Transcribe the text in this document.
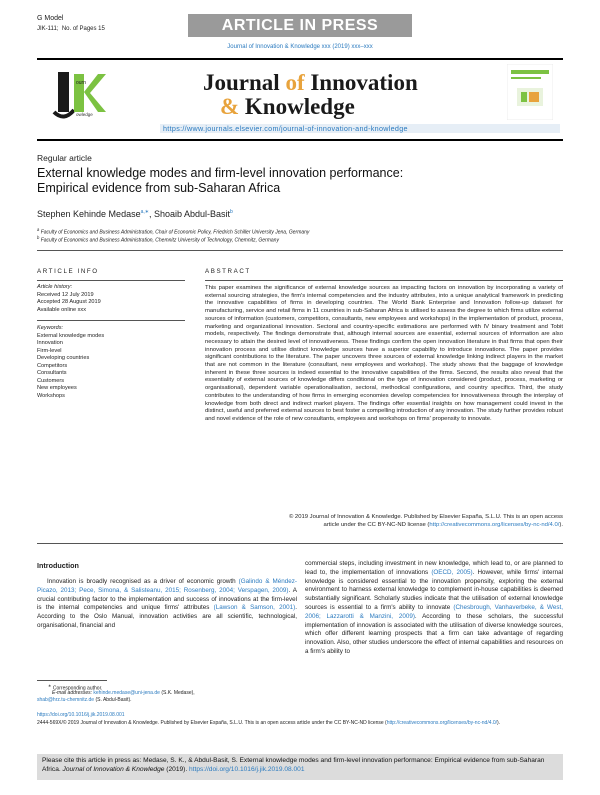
G Model
JIK-111; No. of Pages 15	ARTICLE IN PRESS
Journal of Innovation & Knowledge xxx (2019) xxx–xxx
ourn
owledge
Journal of Innovation
& Knowledge
https://www.journals.elsevier.com/journal-of-innovation-and-knowledge
Regular article
External knowledge modes and firm-level innovation performance:
Empirical evidence from sub-Saharan Africa
Stephen Kehinde Medase$^{a,∗}$, Shoaib Abdul-Basit$^b$
$^a$ Faculty of Economics and Business Administration, Chair of Economic Policy, Friedrich Schiller University Jena, Germany
$^b$ Faculty of Economics and Business Administration, Chemnitz University of Technology, Chemnitz, Germany
ARTICLE INFO
Article history:
Received 12 July 2019
Accepted 28 August 2019
Available online xxx
Keywords:
External knowledge modes
Innovation
Firm-level
Developing countries
Competitors
Consultants
Customers
New employees
Workshops
ABSTRACT
This paper examines the significance of external knowledge sources as impacting factors on innovation by incorporating a variety of external sourcing strategies, the firm's internal competencies and the industry attributes, into a unique analytical framework in predicting the innovative capabilities of firms in developing countries. The World Bank Enterprise and Innovation follow-up dataset for manufacturing, service and retail firms in 11 countries in sub-Saharan Africa is utilised to assess the degree to which firms utilize external sources of information (customers, competitors, consultants, new employees and workshops) in the implementation of product, process, marketing and organizational innovation. Sectoral and country-specific estimations are performed with IV binary treatment and Tobit models, respectively. The findings demonstrate that, although internal sources are essential, external sources of information are also necessary to attain the desired level of innovativeness. These findings confirm the open innovation literature in that firms that open their innovation process and utilise distinct knowledge sources have a superior capability to introduce innovations. The paper provides significant contributions to the literature. The paper uncovers three sources of external knowledge linking indirect players in the market that are not common in the literature (consultant, new employees and workshop). The study shows that the baggage of knowledge inherent in these three sources is indeed essential to the innovative capabilities of the firms. Second, the results also reveal that the essentiality of external sources of knowledge differs conditional on the type of innovation considered (product, process, marketing or organisational), dependent variable operationalisation, sectoral, methodical configurations, and country specifics. Third, the study contributes to the understanding of how firms in emerging economies develop competencies for innovativeness through the interplay of knowledge from both direct and indirect market players. The findings offer essential insights on how management could invest in the distinct, useful and preferred external sources to best foster a compelling introduction of any innovation. The study further provides robust and novel evidence of the role of new consultants, employees and workshops on firms' propensity to innovate.
© 2019 Journal of Innovation & Knowledge. Published by Elsevier España, S.L.U. This is an open access
article under the CC BY-NC-ND license (http://creativecommons.org/licenses/by-nc-nd/4.0/).
Introduction
Innovation is broadly recognised as a driver of economic growth (Galindo & Méndez-Picazo, 2013; Pece, Simona, & Salisteanu, 2015; Rosenberg, 2004; Verspagen, 2009). A crucial contributing factor to the implementation and success of innovations at the firm-level is the internal competencies and unique firms' attributes (Lawson & Samson, 2001). According to the Oslo Manual, innovation activities are all scientific, technological, organisational, financial and
commercial steps, including investment in new knowledge, which lead to, or are planned to lead to, the implementation of innovations (OECD, 2005). However, while firms' internal knowledge is considered essential to the innovation propensity, exploring the external environment to harness external knowledge to complement in-house capabilities is deemed substantially significant. Scholarly studies indicate that the utilisation of external knowledge sources is essential to a firm's ability to innovate (Chesbrough, Vanhaverbeke, & West, 2006; Lazzarotti & Manzini, 2009). According to these scholars, the successful implementation of innovation is associated with the utilisation of diverse knowledge sources, which offer different learning prospects that a firm can take advantage of regarding innovation. Also, other studies underscore the effect of internal capabilities and resources on a firm's ability to
∗ Corresponding author.
E-mail addresses: kehinde.medase@uni-jena.de (S.K. Medase),
shab@hrz.tu-chemnitz.de (S. Abdul-Basit).
https://doi.org/10.1016/j.jik.2019.08.001
2444-569X/© 2019 Journal of Innovation & Knowledge. Published by Elsevier España, S.L.U. This is an open access article under the CC BY-NC-ND license (http://creativecommons.org/licenses/by-nc-nd/4.0/).
Please cite this article in press as: Medase, S. K., & Abdul-Basit, S. External knowledge modes and firm-level innovation performance: Empirical evidence from sub-Saharan Africa. Journal of Innovation & Knowledge (2019). https://doi.org/10.1016/j.jik.2019.08.001
